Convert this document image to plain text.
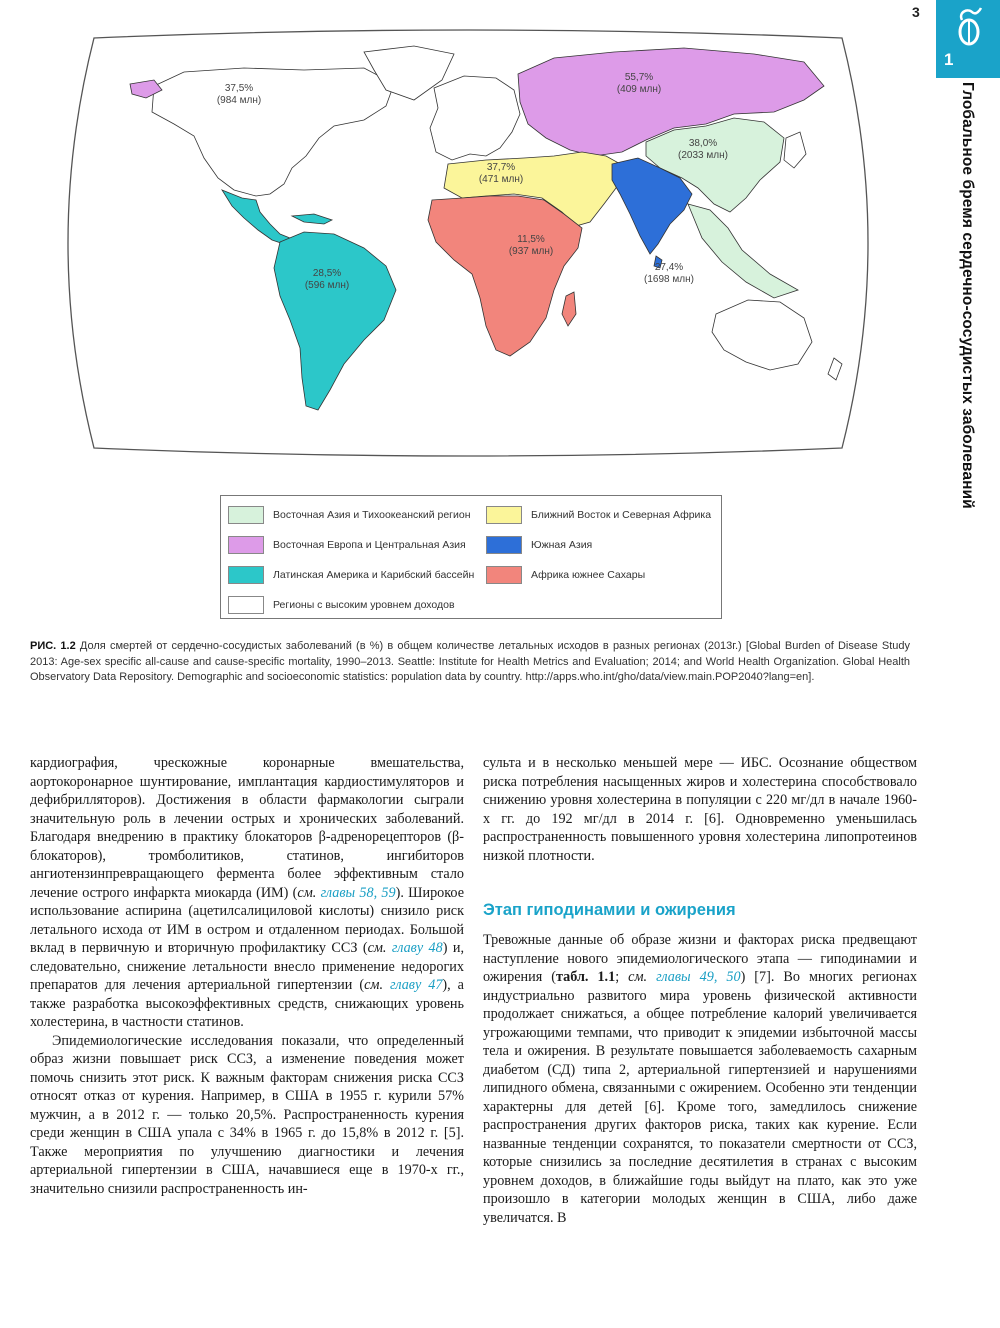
3
1
Глобальное бремя сердечно-сосудистых заболеваний
37,5%
(984 млн)
55,7%
(409 млн)
38,0%
(2033 млн)
37,7%
(471 млн)
11,5%
(937 млн)
28,5%
(596 млн)
27,4%
(1698 млн)
Восточная Азия и Тихоокеанский регион
Восточная Европа и Центральная Азия
Латинская Америка и Карибский бассейн
Регионы с высоким уровнем доходов
Ближний Восток и Северная Африка
Южная Азия
Африка южнее Сахары
РИС. 1.2 Доля смертей от сердечно-сосудистых заболеваний (в %) в общем количестве летальных исходов в разных регионах (2013г.) [Global Burden of Disease Study 2013: Age-sex specific all-cause and cause-specific mortality, 1990–2013. Seattle: Institute for Health Metrics and Evaluation; 2014; and World Health Organization. Global Health Observatory Data Repository. Demographic and socioeconomic statistics: population data by country. http://apps.who.int/gho/data/view.main.POP2040?lang=en].

кардиография, чрескожные коронарные вмешательства, аортокоронарное шунтирование, имплантация кардиостимуляторов и дефибрилляторов). Достижения в области фармакологии сыграли значительную роль в лечении острых и хронических заболеваний. Благодаря внедрению в практику блокаторов β-адренорецепторов (β-блокаторов), тромболитиков, статинов, ингибиторов ангиотензинпревращающего фермента более эффективным стало лечение острого инфаркта миокарда (ИМ) (см. главы 58, 59). Широкое использование аспирина (ацетилсалициловой кислоты) снизило риск летального исхода от ИМ в остром и отдаленном периодах. Большой вклад в первичную и вторичную профилактику ССЗ (см. главу 48) и, следовательно, снижение летальности внесло применение недорогих препаратов для лечения артериальной гипертензии (см. главу 47), а также разработка высокоэффективных средств, снижающих уровень холестерина, в частности статинов.

Эпидемиологические исследования показали, что определенный образ жизни повышает риск ССЗ, а изменение поведения может помочь снизить этот риск. К важным факторам снижения риска ССЗ относят отказ от курения. Например, в США в 1955 г. курили 57% мужчин, а в 2012 г. — только 20,5%. Распространенность курения среди женщин в США упала с 34% в 1965 г. до 15,8% в 2012 г. [5]. Также мероприятия по улучшению диагностики и лечения артериальной гипертензии в США, начавшиеся еще в 1970-х гг., значительно снизили распространенность ин-

сульта и в несколько меньшей мере — ИБС. Осознание обществом риска потребления насыщенных жиров и холестерина способствовало снижению уровня холестерина в популяции с 220 мг/дл в начале 1960-х гг. до 192 мг/дл в 2014 г. [6]. Одновременно уменьшилась распространенность повышенного уровня холестерина липопротеинов низкой плотности.

Этап гиподинамии и ожирения

Тревожные данные об образе жизни и факторах риска предвещают наступление нового эпидемиологического этапа — гиподинамии и ожирения (табл. 1.1; см. главы 49, 50) [7]. Во многих регионах индустриально развитого мира уровень физической активности продолжает снижаться, а общее потребление калорий увеличивается угрожающими темпами, что приводит к эпидемии избыточной массы тела и ожирения. В результате повышается заболеваемость сахарным диабетом (СД) типа 2, артериальной гипертензией и нарушениями липидного обмена, связанными с ожирением. Особенно эти тенденции характерны для детей [6]. Кроме того, замедлилось снижение распространения других факторов риска, таких как курение. Если названные тенденции сохранятся, то показатели смертности от ССЗ, которые снизились за последние десятилетия в странах с высоким уровнем доходов, в ближайшие годы выйдут на плато, как это уже произошло в категории молодых женщин в США, либо даже увеличатся. В
